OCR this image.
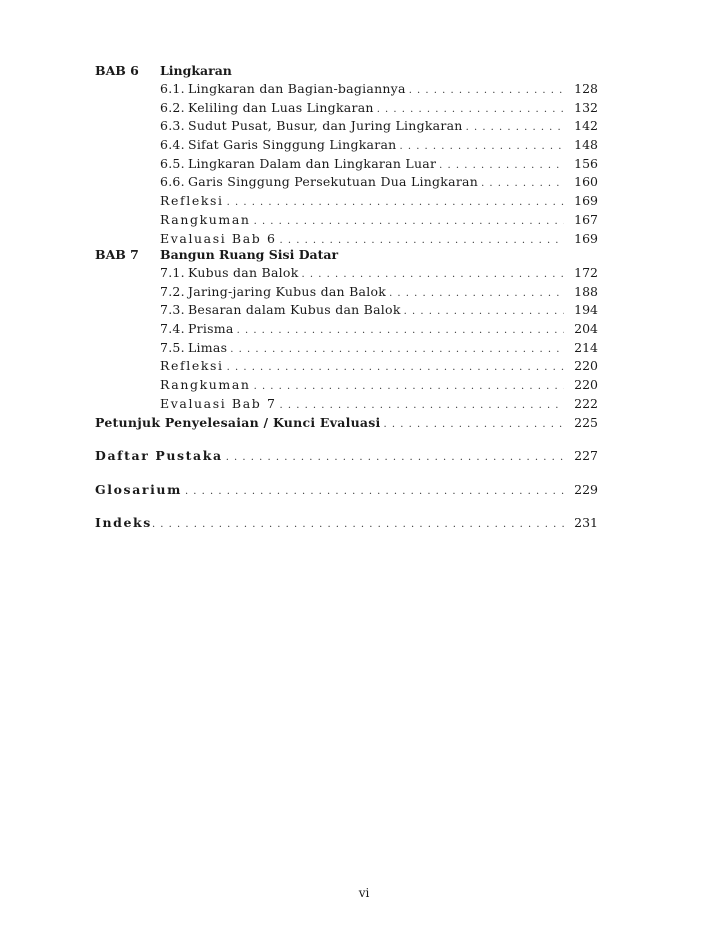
BAB 6 Lingkaran
6.1. Lingkaran dan Bagian-bagiannya . . .	128
6.2. Keliling dan Luas Lingkaran . . .	132
6.3. Sudut Pusat, Busur, dan Juring Lingkaran . . .	142
6.4. Sifat Garis Singgung Lingkaran . . .	148
6.5. Lingkaran Dalam dan Lingkaran Luar . . .	156
6.6. Garis Singgung Persekutuan Dua Lingkaran . . .	160
Refleksi . . .	169
Rangkuman . . .	167
Evaluasi Bab 6 . . .	169
BAB 7 Bangun Ruang Sisi Datar
7.1. Kubus dan Balok . . .	172
7.2. Jaring-jaring Kubus dan Balok . . .	188
7.3. Besaran dalam Kubus dan Balok . . .	194
7.4. Prisma . . .	204
7.5. Limas . . .	214
Refleksi . . .	220
Rangkuman . . .	220
Evaluasi Bab 7 . . .	222
Petunjuk Penyelesaian / Kunci Evaluasi . . .	225
Daftar Pustaka . . .	227
Glosarium . . .	229
Indeks . . .	231
vi
